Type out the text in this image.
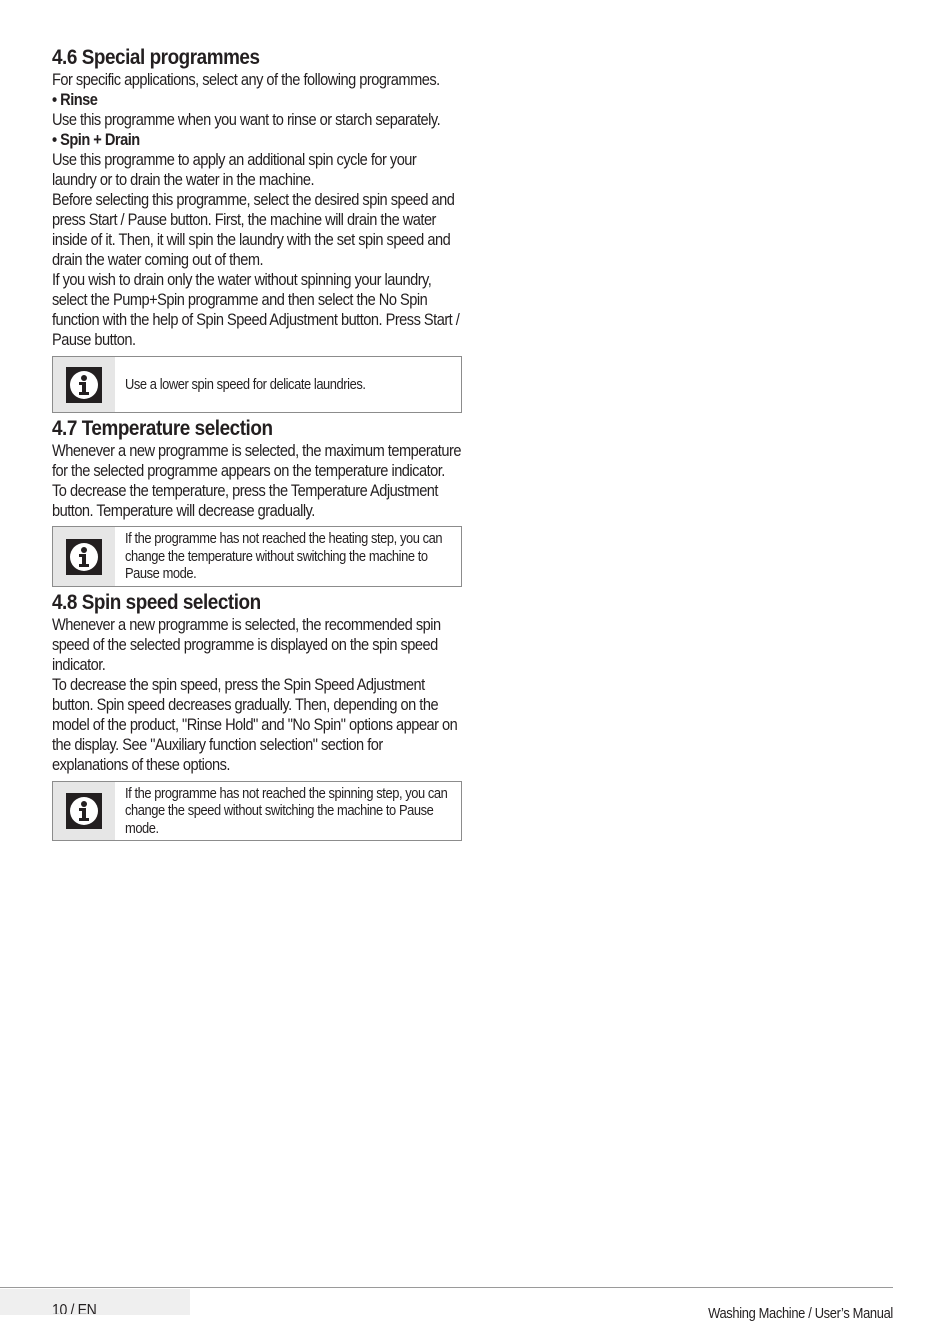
4.6 Special programmes

For specific applications, select any of the following programmes.

• Rinse

Use this programme when you want to rinse or starch separately.

• Spin + Drain

Use this programme to apply an additional spin cycle for your laundry or to drain the water in the machine.

Before selecting this programme, select the desired spin speed and press Start / Pause button. First, the machine will drain the water inside of it. Then, it will spin the laundry with the set spin speed and drain the water coming out of them.

If you wish to drain only the water without spinning your laundry, select the Pump+Spin programme and then select the No Spin function with the help of Spin Speed Adjustment button. Press Start / Pause button.

Use a lower spin speed for delicate laundries.
4.7 Temperature selection

Whenever a new programme is selected, the maximum temperature for the selected programme appears on the temperature indicator.

To decrease the temperature, press the Temperature Adjustment button. Temperature will decrease gradually.

If the programme has not reached the heating step, you can change the temperature without switching the machine to Pause mode.
4.8 Spin speed selection

Whenever a new programme is selected, the recommended spin speed of the selected programme is displayed on the spin speed indicator.

To decrease the spin speed, press the Spin Speed Adjustment button. Spin speed decreases gradually. Then, depending on the model of the product, "Rinse Hold" and "No Spin" options appear on the display. See "Auxiliary function selection" section for explanations of these options.

If the programme has not reached the spinning step, you can change the speed without switching the machine to Pause mode.
10 / EN	Washing Machine / User’s Manual
